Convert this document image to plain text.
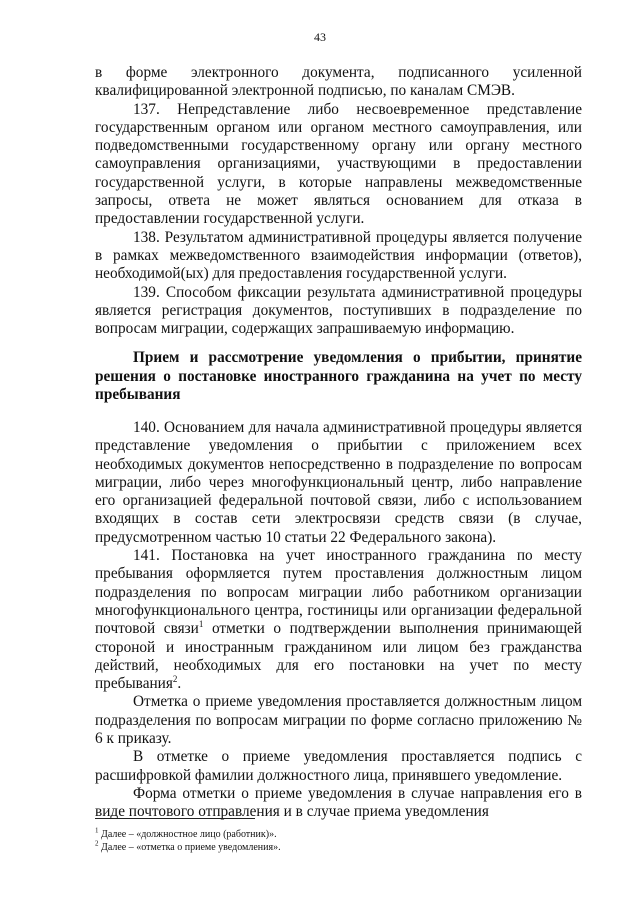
43

в форме электронного документа, подписанного усиленной квалифицированной электронной подписью, по каналам СМЭВ.

137. Непредставление либо несвоевременное представление государственным органом или органом местного самоуправления, или подведомственными государственному органу или органу местного самоуправления организациями, участвующими в предоставлении государственной услуги, в которые направлены межведомственные запросы, ответа не может являться основанием для отказа в предоставлении государственной услуги.

138. Результатом административной процедуры является получение в рамках межведомственного взаимодействия информации (ответов), необходимой(ых) для предоставления государственной услуги.

139. Способом фиксации результата административной процедуры является регистрация документов, поступивших в подразделение по вопросам миграции, содержащих запрашиваемую информацию.

Прием и рассмотрение уведомления о прибытии, принятие решения о постановке иностранного гражданина на учет по месту пребывания

140. Основанием для начала административной процедуры является представление уведомления о прибытии с приложением всех необходимых документов непосредственно в подразделение по вопросам миграции, либо через многофункциональный центр, либо направление его организацией федеральной почтовой связи, либо с использованием входящих в состав сети электросвязи средств связи (в случае, предусмотренном частью 10 статьи 22 Федерального закона).

141. Постановка на учет иностранного гражданина по месту пребывания оформляется путем проставления должностным лицом подразделения по вопросам миграции либо работником организации многофункционального центра, гостиницы или организации федеральной почтовой связи$^1$ отметки о подтверждении выполнения принимающей стороной и иностранным гражданином или лицом без гражданства действий, необходимых для его постановки на учет по месту пребывания$^2$.

Отметка о приеме уведомления проставляется должностным лицом подразделения по вопросам миграции по форме согласно приложению № 6 к приказу.

В отметке о приеме уведомления проставляется подпись с расшифровкой фамилии должностного лица, принявшего уведомление.

Форма отметки о приеме уведомления в случае направления его в виде почтового отправления и в случае приема уведомления

$^1$ Далее – «должностное лицо (работник)».

$^2$ Далее – «отметка о приеме уведомления».
